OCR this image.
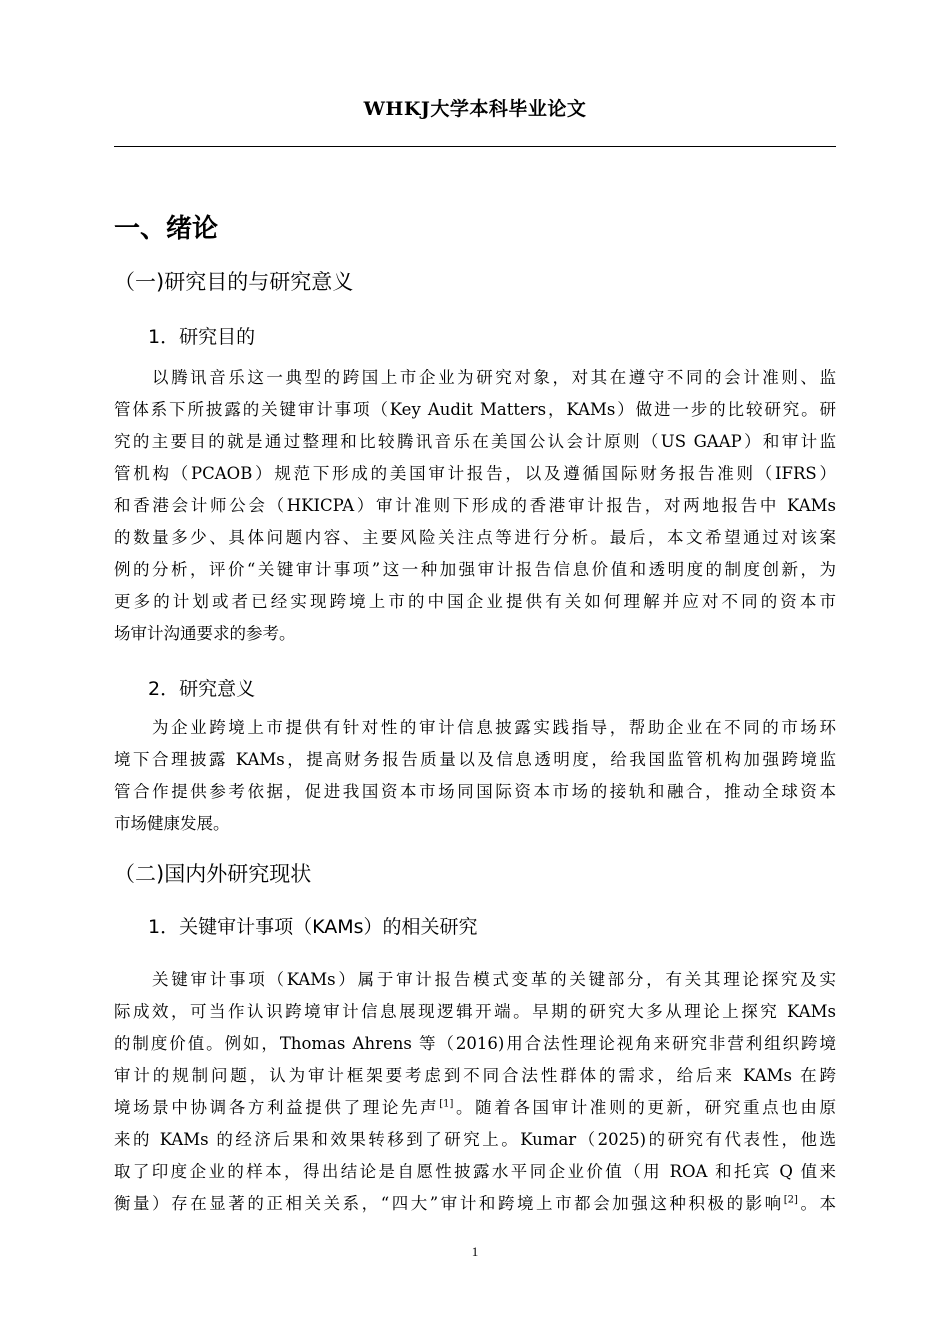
WHKJ大学本科毕业论文
一、绪论
（一)研究目的与研究意义
1．研究目的
以腾讯音乐这一典型的跨国上市企业为研究对象，对其在遵守不同的会计准则、监
管体系下所披露的关键审计事项（Key Audit Matters，KAMs）做进一步的比较研究。研
究的主要目的就是通过整理和比较腾讯音乐在美国公认会计原则（US GAAP）和审计监
管机构（PCAOB）规范下形成的美国审计报告，以及遵循国际财务报告准则（IFRS）
和香港会计师公会（HKICPA）审计准则下形成的香港审计报告，对两地报告中 KAMs
的数量多少、具体问题内容、主要风险关注点等进行分析。最后，本文希望通过对该案
例的分析，评价“关键审计事项”这一种加强审计报告信息价值和透明度的制度创新，为
更多的计划或者已经实现跨境上市的中国企业提供有关如何理解并应对不同的资本市
场审计沟通要求的参考。
2．研究意义
为企业跨境上市提供有针对性的审计信息披露实践指导，帮助企业在不同的市场环
境下合理披露 KAMs，提高财务报告质量以及信息透明度，给我国监管机构加强跨境监
管合作提供参考依据，促进我国资本市场同国际资本市场的接轨和融合，推动全球资本
市场健康发展。
（二)国内外研究现状
1．关键审计事项（KAMs）的相关研究
关键审计事项（KAMs）属于审计报告模式变革的关键部分，有关其理论探究及实
际成效，可当作认识跨境审计信息展现逻辑开端。早期的研究大多从理论上探究 KAMs
的制度价值。例如，Thomas Ahrens 等（2016)用合法性理论视角来研究非营利组织跨境
审计的规制问题，认为审计框架要考虑到不同合法性群体的需求，给后来 KAMs 在跨
境场景中协调各方利益提供了理论先声[1]。随着各国审计准则的更新，研究重点也由原
来的 KAMs 的经济后果和效果转移到了研究上。Kumar（2025)的研究有代表性，他选
取了印度企业的样本，得出结论是自愿性披露水平同企业价值（用 ROA 和托宾 Q 值来
衡量）存在显著的正相关关系，“四大”审计和跨境上市都会加强这种积极的影响[2]。本
1
